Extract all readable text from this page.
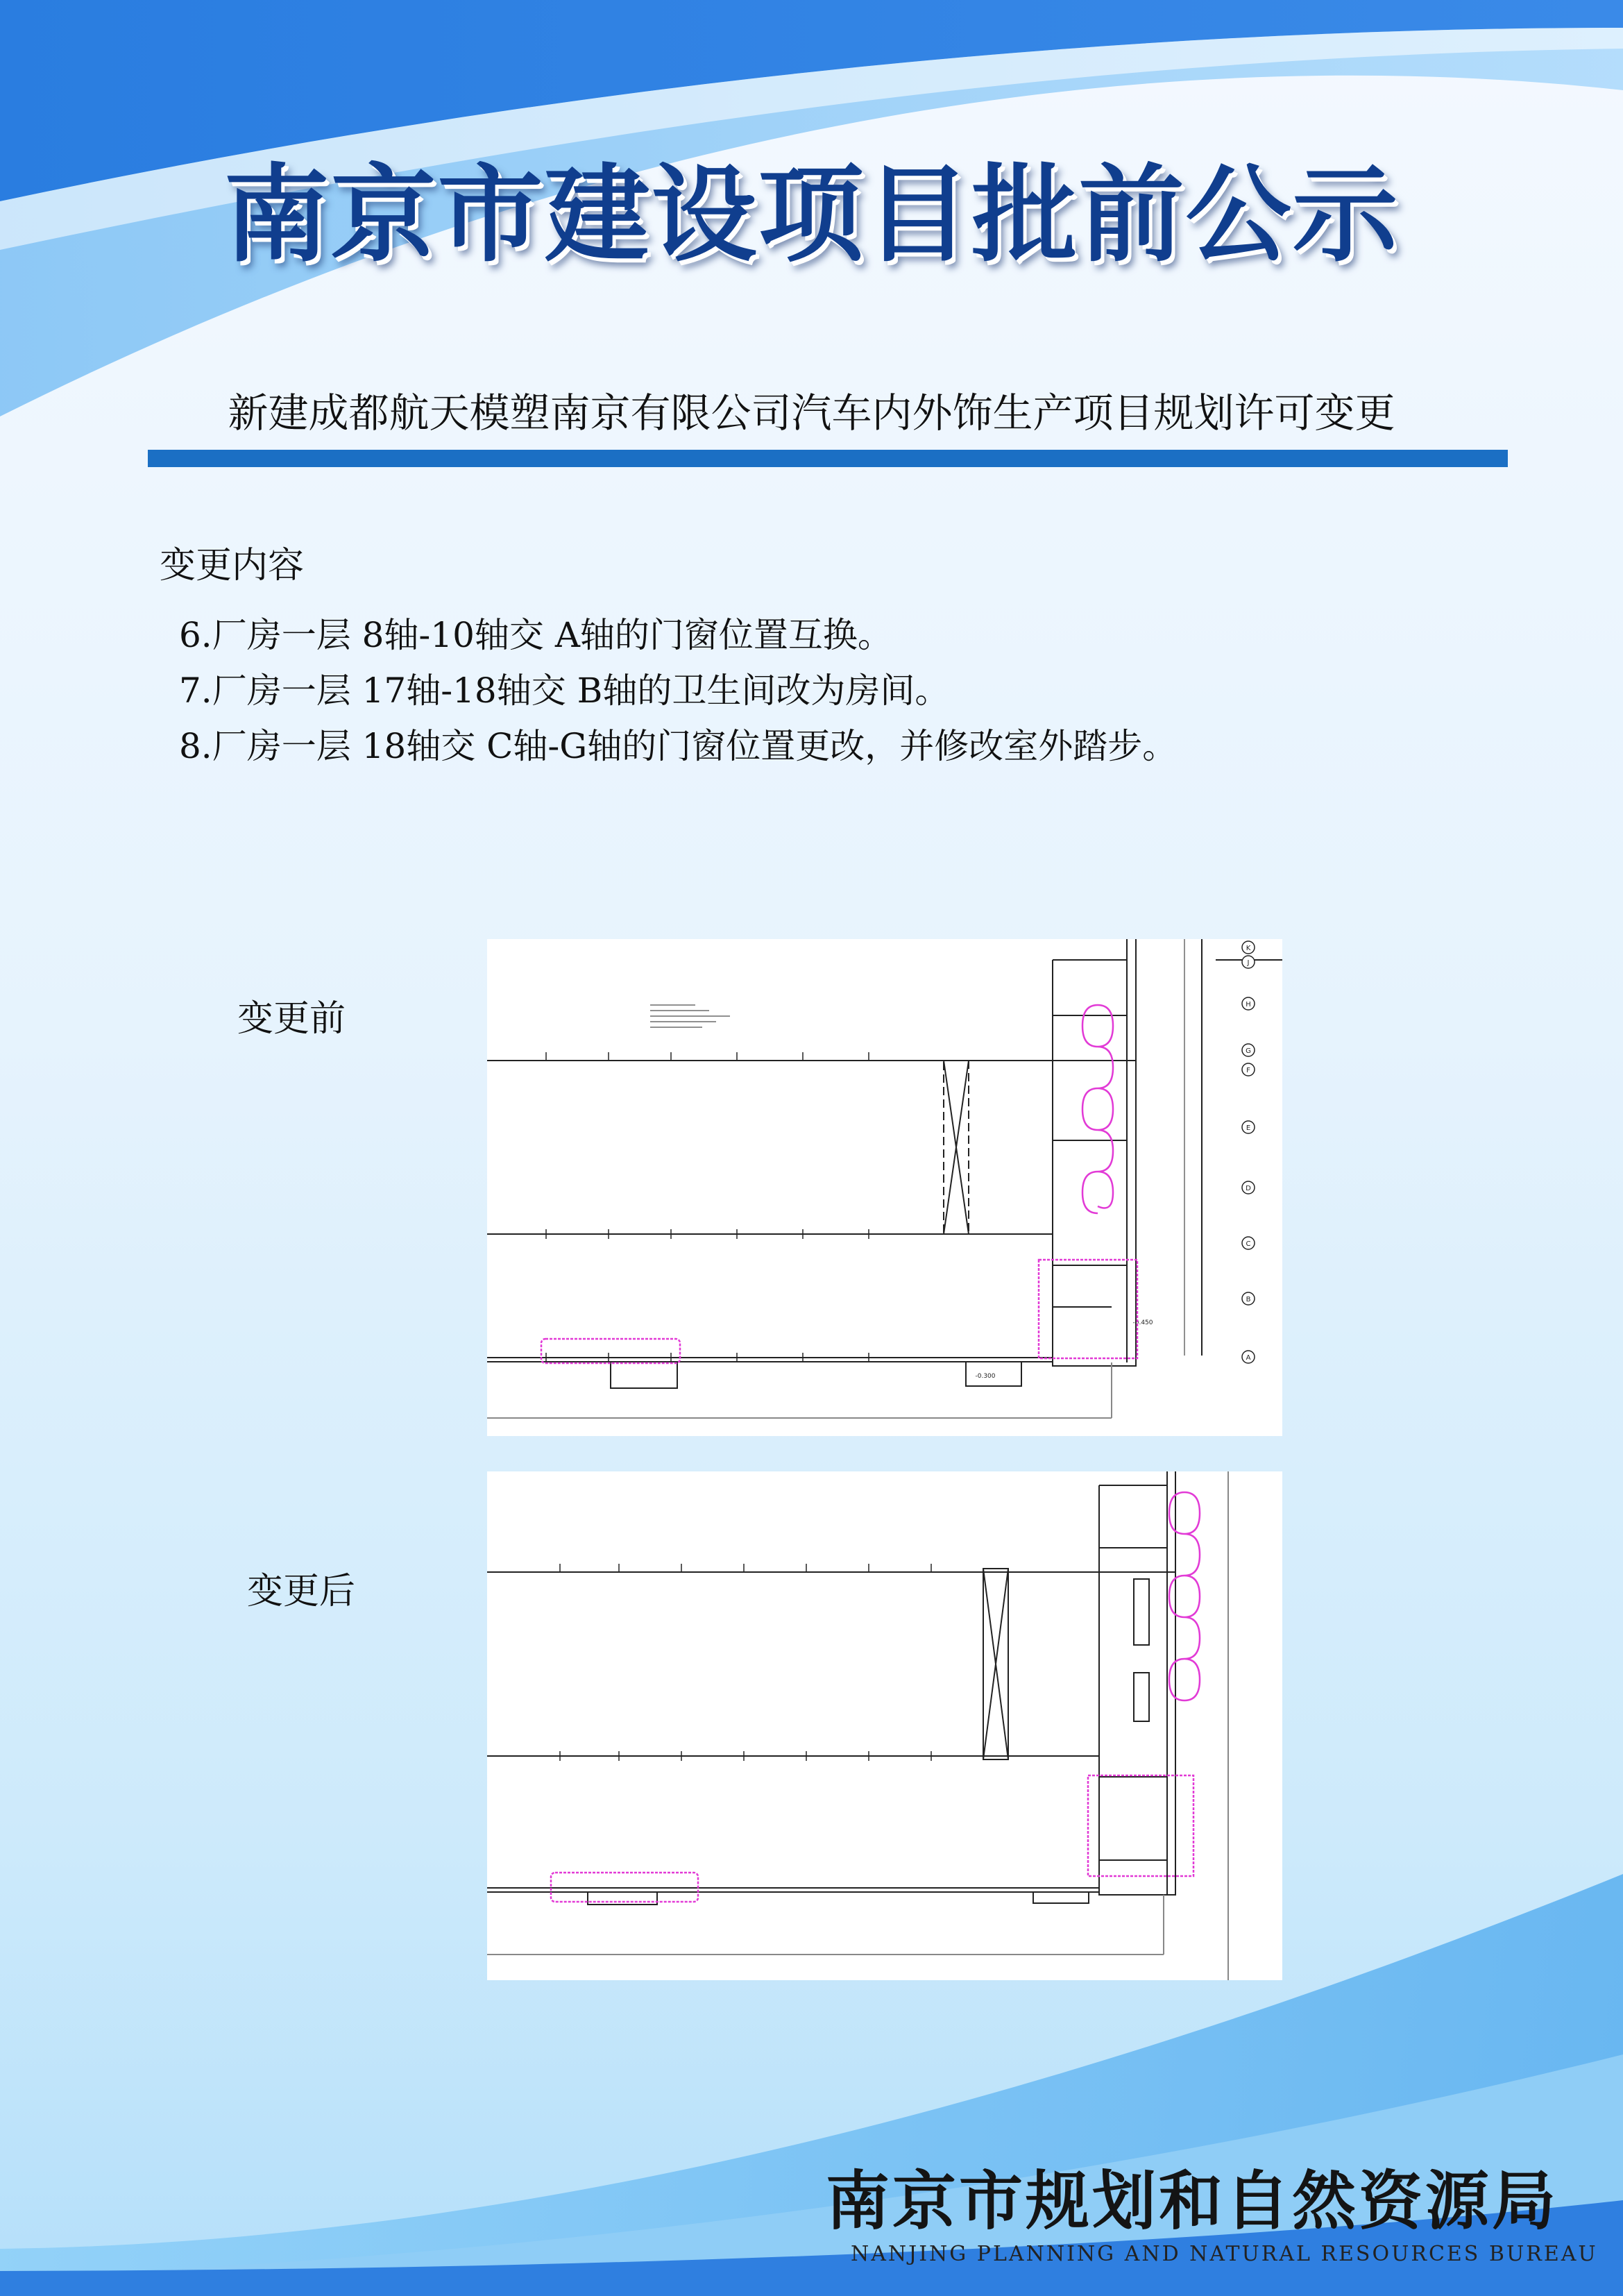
南京市建设项目批前公示
新建成都航天模塑南京有限公司汽车内外饰生产项目规划许可变更
变更内容
6.厂房一层 8轴-10轴交 A轴的门窗位置互换。
7.厂房一层 17轴-18轴交 B轴的卫生间改为房间。
8.厂房一层 18轴交 C轴-G轴的门窗位置更改，并修改室外踏步。
变更前
K
J
H
G
F
E
D
C
B
A
-0.450
-0.300
变更后
南京市规划和自然资源局
NANJING PLANNING AND NATURAL RESOURCES BUREAU
